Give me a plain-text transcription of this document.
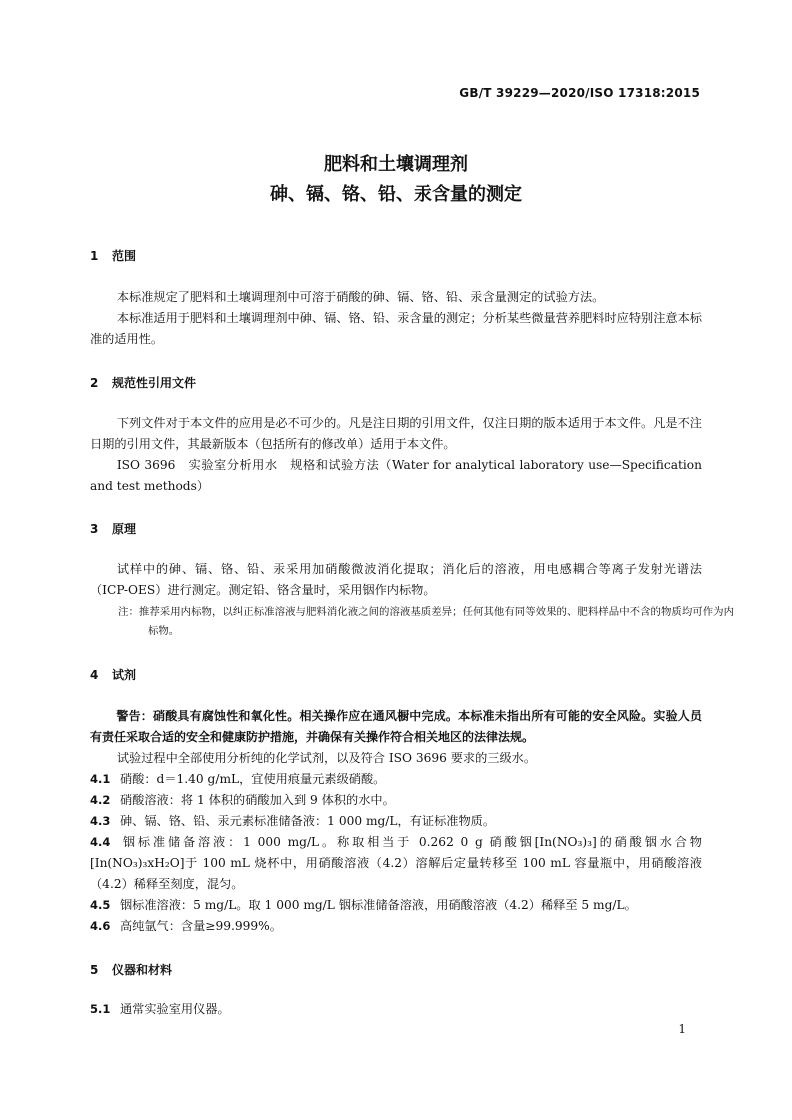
GB/T 39229—2020/ISO 17318:2015
肥料和土壤调理剂
砷、镉、铬、铅、汞含量的测定
1 范围
本标准规定了肥料和土壤调理剂中可溶于硝酸的砷、镉、铬、铅、汞含量测定的试验方法。
本标准适用于肥料和土壤调理剂中砷、镉、铬、铅、汞含量的测定；分析某些微量营养肥料时应特别注意本标准的适用性。
2 规范性引用文件
下列文件对于本文件的应用是必不可少的。凡是注日期的引用文件，仅注日期的版本适用于本文件。凡是不注日期的引用文件，其最新版本（包括所有的修改单）适用于本文件。
ISO 3696　实验室分析用水　规格和试验方法（Water for analytical laboratory use—Specification and test methods）
3 原理
试样中的砷、镉、铬、铅、汞采用加硝酸微波消化提取；消化后的溶液，用电感耦合等离子发射光谱法（ICP-OES）进行测定。测定铅、铬含量时，采用铟作内标物。
注：推荐采用内标物，以纠正标准溶液与肥料消化液之间的溶液基质差异；任何其他有同等效果的、肥料样品中不含的物质均可作为内标物。
4 试剂
警告：硝酸具有腐蚀性和氧化性。相关操作应在通风橱中完成。本标准未指出所有可能的安全风险。实验人员有责任采取合适的安全和健康防护措施，并确保有关操作符合相关地区的法律法规。
试验过程中全部使用分析纯的化学试剂，以及符合 ISO 3696 要求的三级水。
4.1 硝酸：d＝1.40 g/mL，宜使用痕量元素级硝酸。
4.2 硝酸溶液：将 1 体积的硝酸加入到 9 体积的水中。
4.3 砷、镉、铬、铅、汞元素标准储备液：1 000 mg/L，有证标准物质。
4.4 铟标准储备溶液：1 000 mg/L。称取相当于 0.262 0 g 硝酸铟[In(NO₃)₃]的硝酸铟水合物[In(NO₃)₃xH₂O]于 100 mL 烧杯中，用硝酸溶液（4.2）溶解后定量转移至 100 mL 容量瓶中，用硝酸溶液（4.2）稀释至刻度，混匀。
4.5 铟标准溶液：5 mg/L。取 1 000 mg/L 铟标准储备溶液，用硝酸溶液（4.2）稀释至 5 mg/L。
4.6 高纯氩气：含量≥99.999%。
5 仪器和材料
5.1 通常实验室用仪器。
1
